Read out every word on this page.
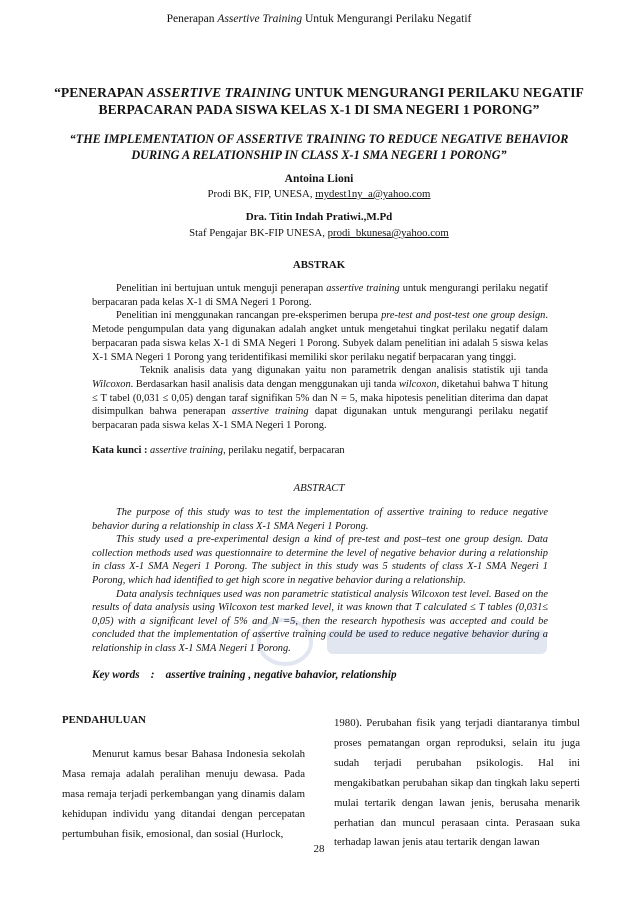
Penerapan Assertive Training Untuk Mengurangi Perilaku Negatif
“PENERAPAN ASSERTIVE TRAINING UNTUK MENGURANGI PERILAKU NEGATIF
BERPACARAN PADA SISWA KELAS X-1 DI SMA NEGERI 1 PORONG”
“THE IMPLEMENTATION OF ASSERTIVE TRAINING TO REDUCE NEGATIVE BEHAVIOR
DURING A RELATIONSHIP IN CLASS X-1 SMA NEGERI 1 PORONG”
Antoina Lioni
Prodi BK, FIP, UNESA, mydest1ny_a@yahoo.com
Dra. Titin Indah Pratiwi.,M.Pd
Staf Pengajar BK-FIP UNESA, prodi_bkunesa@yahoo.com
ABSTRAK

Penelitian ini bertujuan untuk menguji penerapan assertive training untuk mengurangi perilaku negatif berpacaran pada kelas X-1 di SMA Negeri 1 Porong.

Penelitian ini menggunakan rancangan pre-eksperimen berupa pre-test and post-test one group design. Metode pengumpulan data yang digunakan adalah angket untuk mengetahui tingkat perilaku negatif dalam berpacaran pada siswa kelas X-1 di SMA Negeri 1 Porong. Subyek dalam penelitian ini adalah 5 siswa kelas X-1 SMA Negeri 1 Porong yang teridentifikasi memiliki skor perilaku negatif berpacaran yang tinggi.

Teknik analisis data yang digunakan yaitu non parametrik dengan analisis statistik uji tanda Wilcoxon. Berdasarkan hasil analisis data dengan menggunakan uji tanda wilcoxon, diketahui bahwa T hitung ≤ T tabel (0,031 ≤ 0,05) dengan taraf signifikan 5% dan N = 5, maka hipotesis penelitian diterima dan dapat disimpulkan bahwa penerapan assertive training dapat digunakan untuk mengurangi perilaku negatif berpacaran pada siswa kelas X-1 SMA Negeri 1 Porong.

Kata kunci : assertive training, perilaku negatif, berpacaran
ABSTRACT

The purpose of this study was to test the implementation of assertive training to reduce negative behavior during a relationship in class X-1 SMA Negeri 1 Porong.

This study used a pre-experimental design a kind of pre-test and post–test one group design. Data collection methods used was questionnaire to determine the level of negative behavior during a relationship in class X-1 SMA Negeri 1 Porong. The subject in this study was 5 students of class X-1 SMA Negeri 1 Porong, which had identified to get high score in negative behavior during a relationship.

Data analysis techniques used was non parametric statistical analysis Wilcoxon test level. Based on the results of data analysis using Wilcoxon test marked level, it was known that T calculated ≤ T tables (0,031≤ 0,05) with a significant level of 5% and N =5, then the research hypothesis was accepted and could be concluded that the implementation of assertive training could be used to reduce negative behavior during a relationship in class X-1 SMA Negeri 1 Porong.

Key words    :    assertive training , negative bahavior, relationship

PENDAHULUAN

Menurut kamus besar Bahasa Indonesia sekolah Masa remaja adalah peralihan menuju dewasa. Pada masa remaja terjadi perkembangan yang dinamis dalam kehidupan individu yang ditandai dengan percepatan pertumbuhan fisik, emosional, dan sosial (Hurlock,

1980). Perubahan fisik yang terjadi diantaranya timbul proses pematangan organ reproduksi, selain itu juga sudah terjadi perubahan psikologis. Hal ini mengakibatkan perubahan sikap dan tingkah laku seperti mulai tertarik dengan lawan jenis, berusaha menarik perhatian dan muncul perasaan cinta. Perasaan suka terhadap lawan jenis atau tertarik dengan lawan

28
